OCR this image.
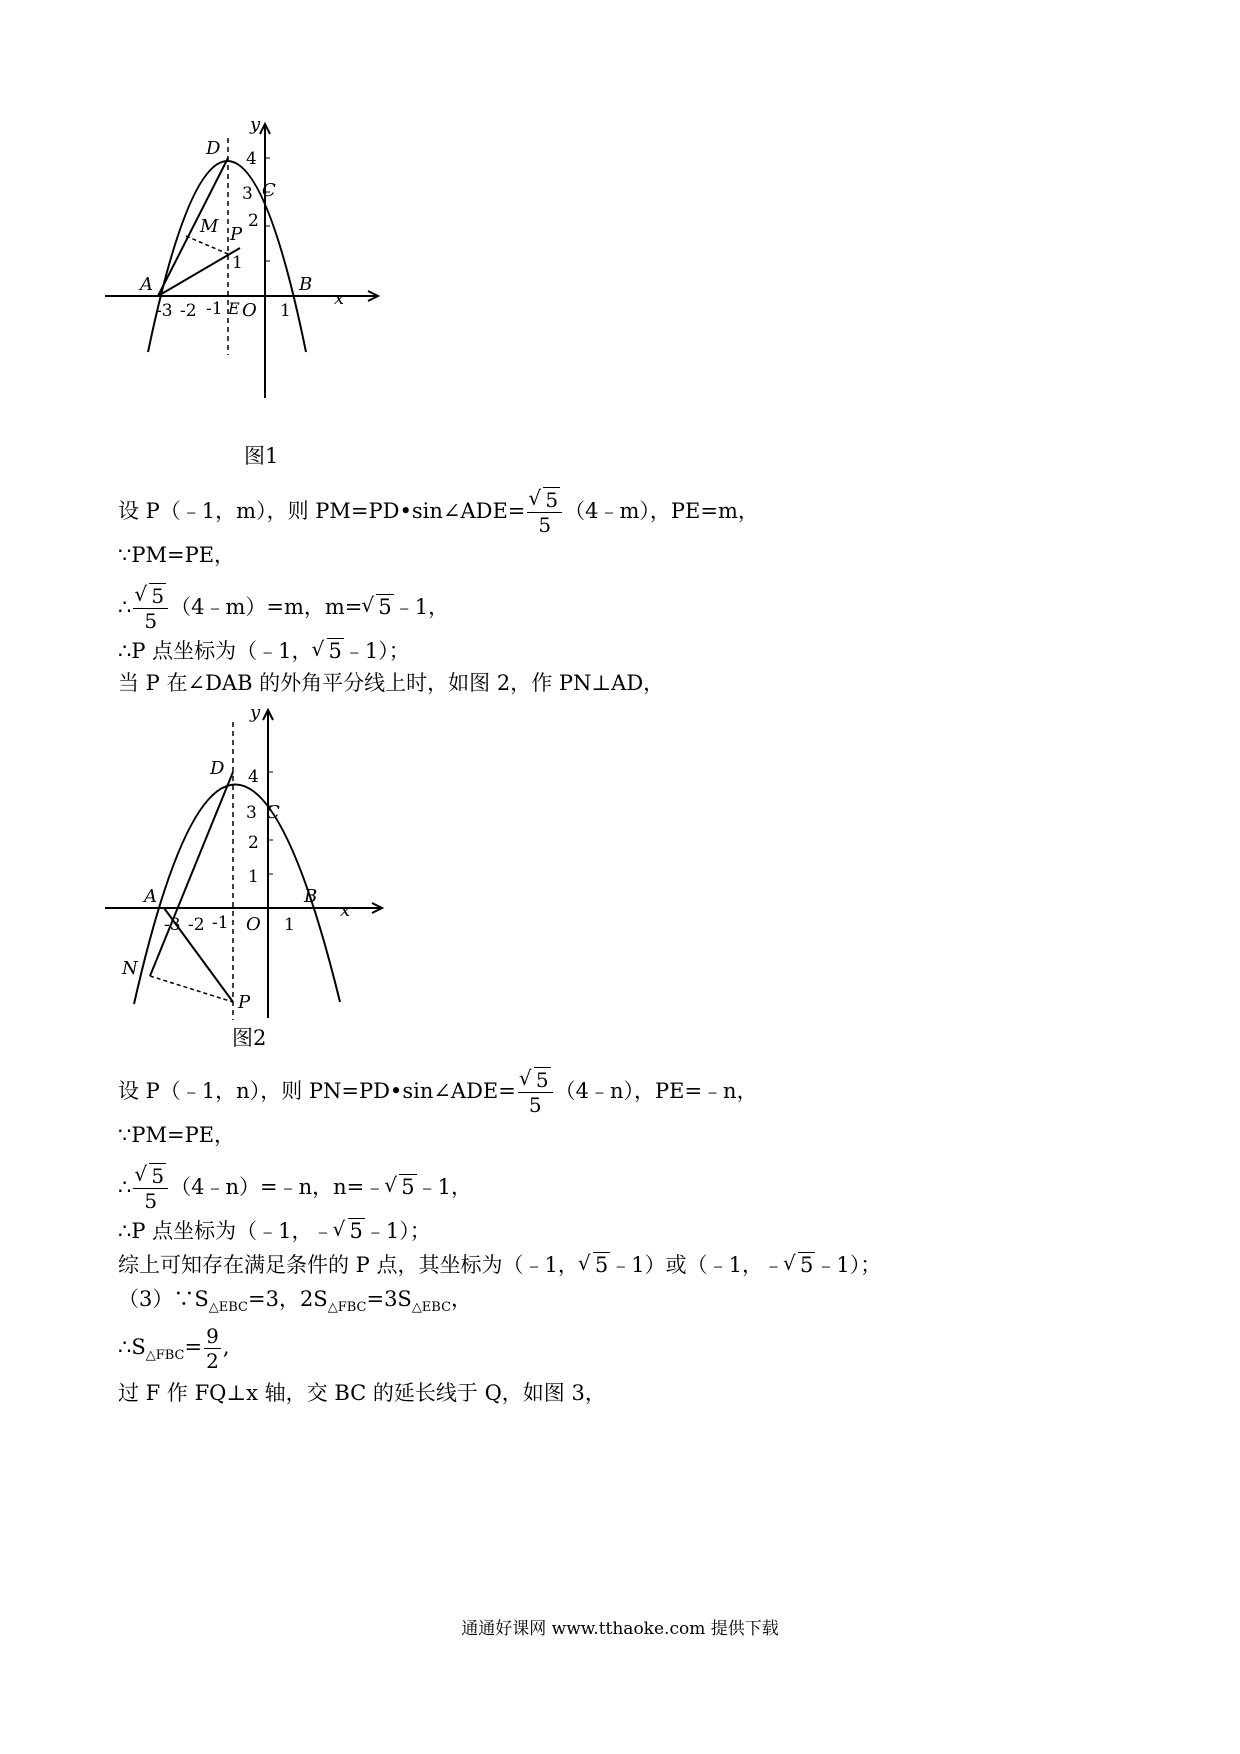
y
x
D
C
M P
A	B
E O
4
3
2
1
-3 -2 -1	1
图1
设 P（﹣1，m），则 PM=PD•sin∠ADE= √ $\frac{5}{5}$ （4﹣m），PE=m，
∵PM=PE，
∴ √ $\frac{5}{5}$ （4﹣m）=m，m= √ 5﹣1，
∴P 点坐标为（﹣1， √ 5﹣1）；
当 P 在∠DAB 的外角平分线上时，如图 2，作 PN⊥AD，
y
x
D
C
A	B
O
N
P
4
3
2
1
-3 -2 -1	1
图2
设 P（﹣1，n），则 PN=PD•sin∠ADE= √ $\frac{5}{5}$ （4﹣n），PE=﹣n，
∵PM=PE，
∴ √ $\frac{5}{5}$ （4﹣n）=﹣n，n=﹣ √ 5﹣1，
∴P 点坐标为（﹣1，﹣ √ 5﹣1）；
综上可知存在满足条件的 P 点，其坐标为（﹣1， √ 5﹣1）或（﹣1，﹣ √ 5﹣1）；
$(3)\because S_{\triangle EBC}=3$，$2S_{\triangle FBC}=3S_{\triangle EBC}$，
$\therefore S_{\triangle FBC}= \frac{9}{2}$ ,
过 F 作 FQ⊥x 轴，交 BC 的延长线于 Q，如图 3，
通通好课网 www.tthaoke.com 提供下载
